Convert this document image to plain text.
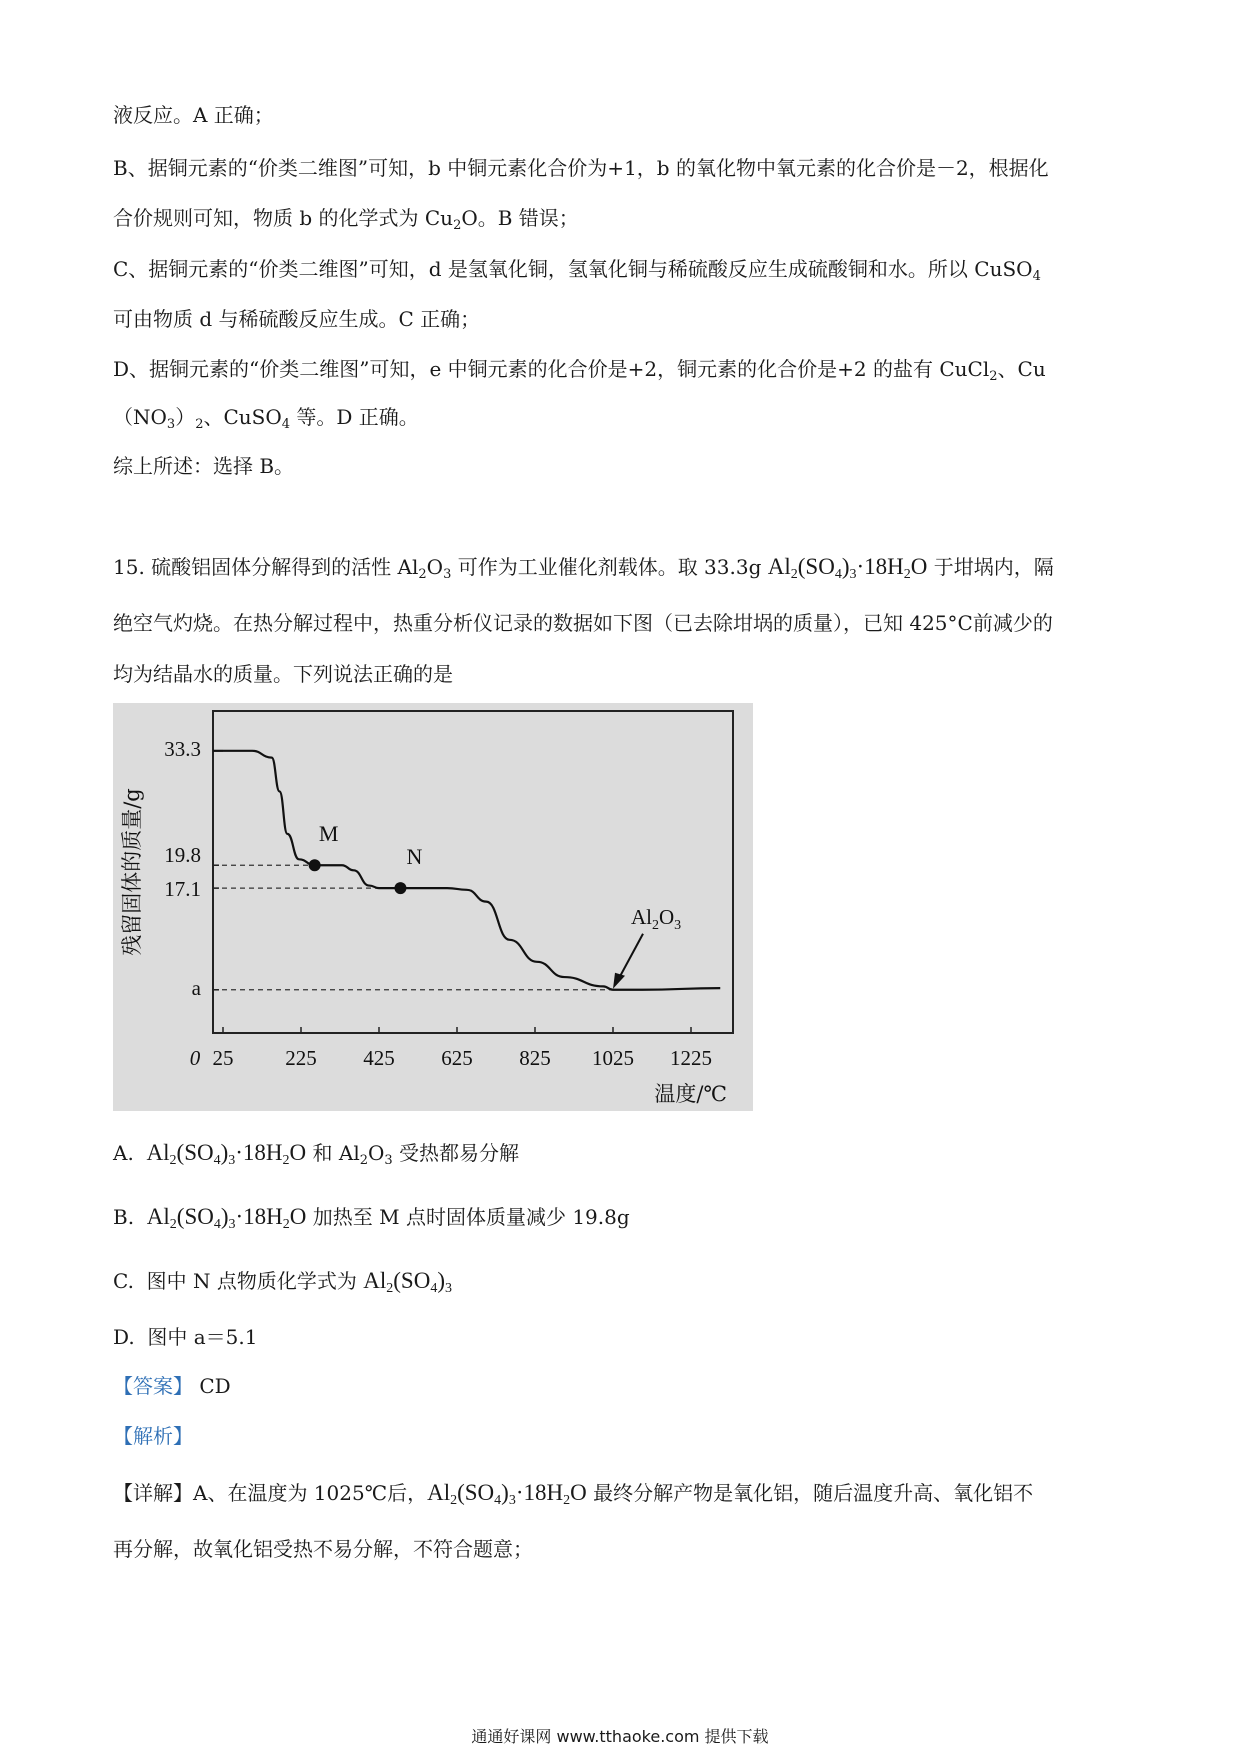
液反应。A 正确；
B、据铜元素的“价类二维图”可知，b 中铜元素化合价为+1，b 的氧化物中氧元素的化合价是－2，根据化
合价规则可知，物质 b 的化学式为 $Cu_2O$。B 错误；
C、据铜元素的“价类二维图”可知，d 是氢氧化铜，氢氧化铜与稀硫酸反应生成硫酸铜和水。所以 CuSO$_4$
可由物质 d 与稀硫酸反应生成。C 正确；
D、据铜元素的“价类二维图”可知，e 中铜元素的化合价是+2，铜元素的化合价是+2 的盐有 CuCl$_2$、Cu
$(NO_3)_2$、CuSO$_4$ 等。D 正确。
综上所述：选择 B。
15. 硫酸铝固体分解得到的活性 $Al_2O_3$ 可作为工业催化剂载体。取 33.3g $Al_2(SO_4)_3\cdot 18H_2O$ 于坩埚内，隔
绝空气灼烧。在热分解过程中，热重分析仪记录的数据如下图（已去除坩埚的质量），已知 425°C前减少的
均为结晶水的质量。下列说法正确的是
33.3
19.8
17.1
a
0 25 225 425 625 825 1025 1225
残留固体的质量/g
温度/℃
M
N
$Al_2O_3$
A. $Al_2(SO_4)_3\cdot 18H_2O$ 和 $Al_2O_3$ 受热都易分解
B. $Al_2(SO_4)_3\cdot 18H_2O$ 加热至 M 点时固体质量减少 19.8g
C. 图中 N 点物质化学式为 $Al_2(SO_4)_3$
D. 图中 a＝5.1
【答案】 CD
【解析】
【详解】A、在温度为 1025℃后，$Al_2(SO_4)_3\cdot 18H_2O$ 最终分解产物是氧化铝，随后温度升高、氧化铝不
再分解，故氧化铝受热不易分解，不符合题意；
通通好课网 www.tthaoke.com 提供下载
